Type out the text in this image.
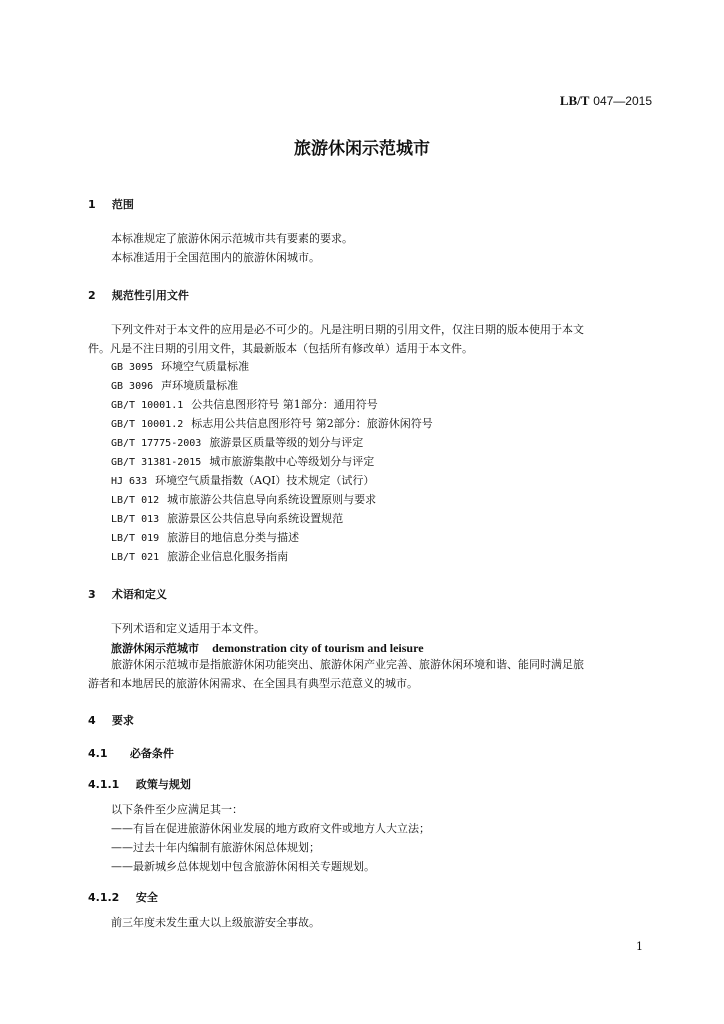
LB/T 047—2015
旅游休闲示范城市
1 范围
本标准规定了旅游休闲示范城市共有要素的要求。
本标准适用于全国范围内的旅游休闲城市。
2 规范性引用文件
下列文件对于本文件的应用是必不可少的。凡是注明日期的引用文件，仅注日期的版本使用于本文
件。凡是不注日期的引用文件，其最新版本（包括所有修改单）适用于本文件。
GB 3095 环境空气质量标准
GB 3096 声环境质量标准
GB/T 10001.1 公共信息图形符号 第1部分：通用符号
GB/T 10001.2 标志用公共信息图形符号 第2部分：旅游休闲符号
GB/T 17775-2003 旅游景区质量等级的划分与评定
GB/T 31381-2015 城市旅游集散中心等级划分与评定
HJ 633 环境空气质量指数（AQI）技术规定（试行）
LB/T 012 城市旅游公共信息导向系统设置原则与要求
LB/T 013 旅游景区公共信息导向系统设置规范
LB/T 019 旅游目的地信息分类与描述
LB/T 021 旅游企业信息化服务指南
3 术语和定义
下列术语和定义适用于本文件。
旅游休闲示范城市 demonstration city of tourism and leisure
旅游休闲示范城市是指旅游休闲功能突出、旅游休闲产业完善、旅游休闲环境和谐、能同时满足旅
游者和本地居民的旅游休闲需求、在全国具有典型示范意义的城市。
4 要求
4.1 必备条件
4.1.1 政策与规划
以下条件至少应满足其一：
——有旨在促进旅游休闲业发展的地方政府文件或地方人大立法；
——过去十年内编制有旅游休闲总体规划；
——最新城乡总体规划中包含旅游休闲相关专题规划。
4.1.2 安全
前三年度未发生重大以上级旅游安全事故。
1
